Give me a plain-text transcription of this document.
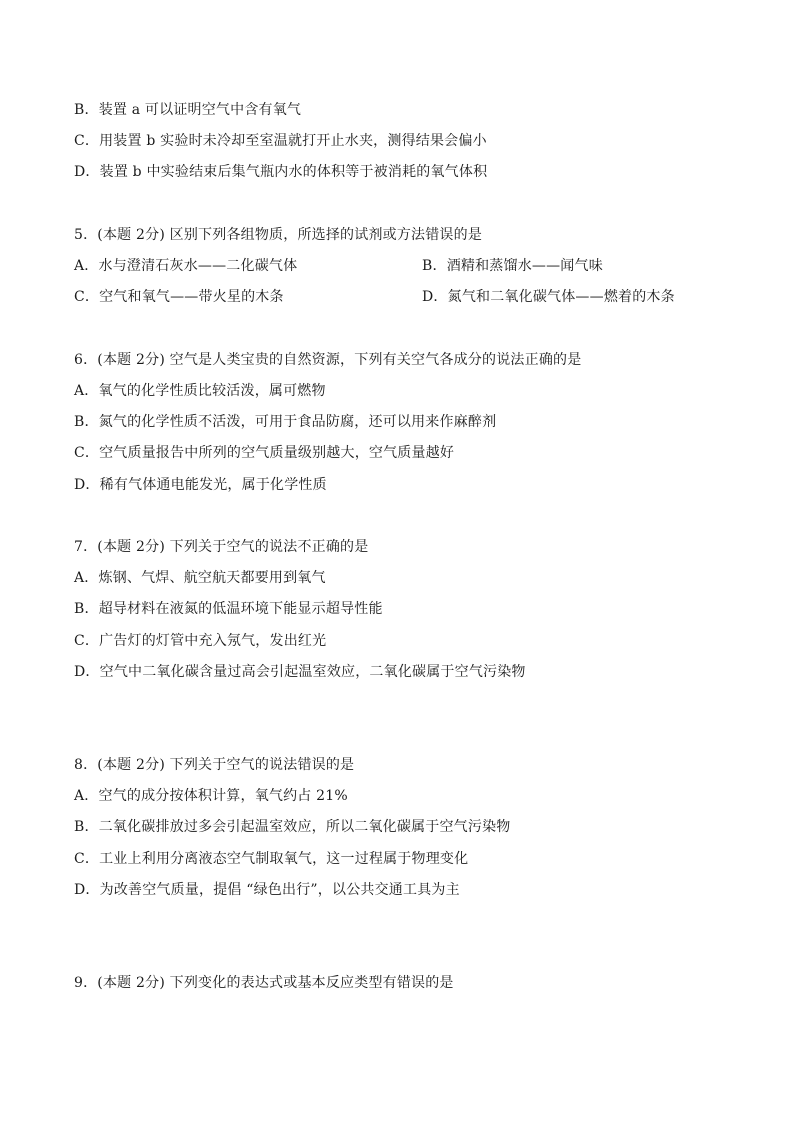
B．装置 a 可以证明空气中含有氧气
C．用装置 b 实验时未冷却至室温就打开止水夹，测得结果会偏小
D．装置 b 中实验结束后集气瓶内水的体积等于被消耗的氧气体积
5．(本题 2分) 区别下列各组物质，所选择的试剂或方法错误的是
A．水与澄清石灰水——二化碳气体	B．酒精和蒸馏水——闻气味
C．空气和氧气——带火星的木条	D．氮气和二氧化碳气体——燃着的木条
6．(本题 2分) 空气是人类宝贵的自然资源，下列有关空气各成分的说法正确的是
A．氧气的化学性质比较活泼，属可燃物
B．氮气的化学性质不活泼，可用于食品防腐，还可以用来作麻醉剂
C．空气质量报告中所列的空气质量级别越大，空气质量越好
D．稀有气体通电能发光，属于化学性质
7．(本题 2分) 下列关于空气的说法不正确的是
A．炼钢、气焊、航空航天都要用到氧气
B．超导材料在液氮的低温环境下能显示超导性能
C．广告灯的灯管中充入氖气，发出红光
D．空气中二氧化碳含量过高会引起温室效应，二氧化碳属于空气污染物
8．(本题 2分) 下列关于空气的说法错误的是
A．空气的成分按体积计算，氧气约占 21%
B．二氧化碳排放过多会引起温室效应，所以二氧化碳属于空气污染物
C．工业上利用分离液态空气制取氧气，这一过程属于物理变化
D．为改善空气质量，提倡 “绿色出行”，以公共交通工具为主
9．(本题 2分) 下列变化的表达式或基本反应类型有错误的是
